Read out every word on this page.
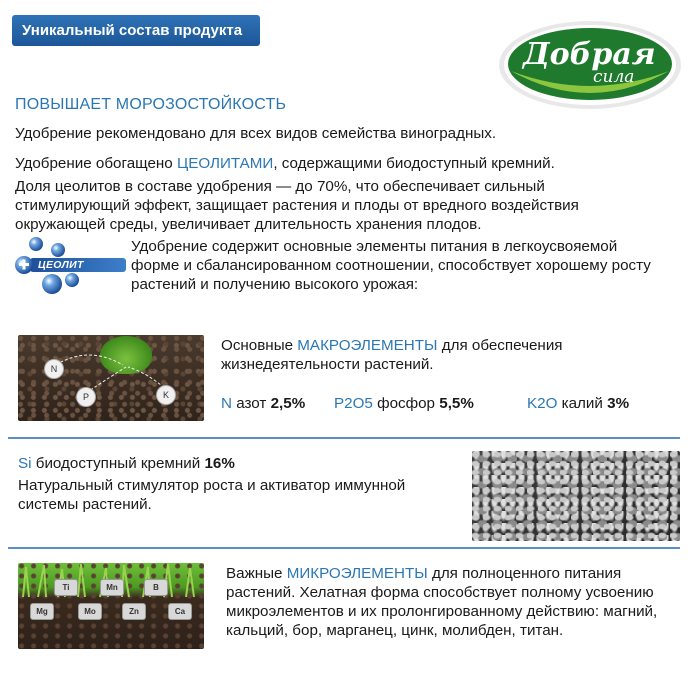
Уникальный состав продукта
Добрая
сила
ПОВЫШАЕТ МОРОЗОСТОЙКОСТЬ
Удобрение рекомендовано для всех видов семейства виноградных.
Удобрение обогащено ЦЕОЛИТАМИ, содержащими биодоступный кремний.
Доля цеолитов в составе удобрения — до 70%, что обеспечивает сильный
стимулирующий эффект, защищает растения и плоды от вредного воздействия
окружающей среды, увеличивает длительность хранения плодов.
ЦЕОЛИТ
Удобрение содержит основные элементы питания в легкоусвояемой
форме и сбалансированном соотношении, способствует хорошему росту
растений и получению высокого урожая:
N
P	K
Основные МАКРОЭЛЕМЕНТЫ для обеспечения
жизнедеятельности растений.
N азот 2,5% P2O5 фосфор 5,5%	K2O калий 3%
Si биодоступный кремний 16%
Натуральный стимулятор роста и активатор иммунной
системы растений.
Ti	Mn	B
Mg	Mo	Zn	Ca
Важные МИКРОЭЛЕМЕНТЫ для полноценного питания
растений. Хелатная форма способствует полному усвоению
микроэлементов и их пролонгированному действию: магний,
кальций, бор, марганец, цинк, молибден, титан.
